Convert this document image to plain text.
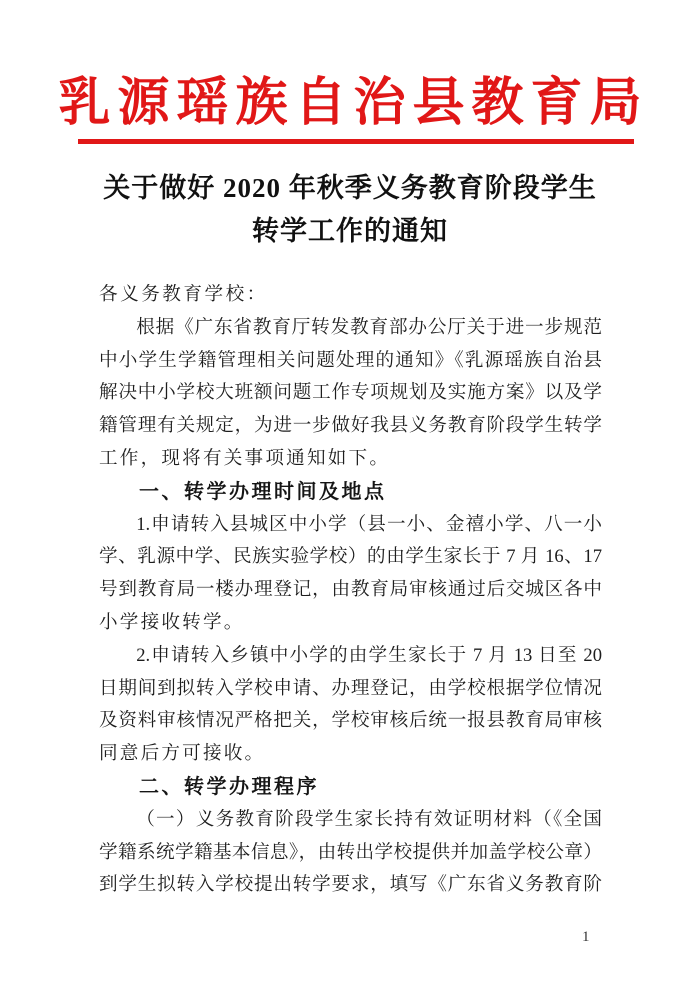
乳源瑶族自治县教育局
关于做好 2020 年秋季义务教育阶段学生
转学工作的通知
各义务教育学校：
根据《广东省教育厅转发教育部办公厅关于进一步规范
中小学生学籍管理相关问题处理的通知》《乳源瑶族自治县
解决中小学校大班额问题工作专项规划及实施方案》以及学
籍管理有关规定，为进一步做好我县义务教育阶段学生转学
工作，现将有关事项通知如下。
一、转学办理时间及地点
1.申请转入县城区中小学（县一小、金禧小学、八一小
学、乳源中学、民族实验学校）的由学生家长于 7 月 16、17
号到教育局一楼办理登记，由教育局审核通过后交城区各中
小学接收转学。
2.申请转入乡镇中小学的由学生家长于 7 月 13 日至 20
日期间到拟转入学校申请、办理登记，由学校根据学位情况
及资料审核情况严格把关，学校审核后统一报县教育局审核
同意后方可接收。
二、转学办理程序
（一）义务教育阶段学生家长持有效证明材料（《全国
学籍系统学籍基本信息》，由转出学校提供并加盖学校公章）
到学生拟转入学校提出转学要求，填写《广东省义务教育阶
1
